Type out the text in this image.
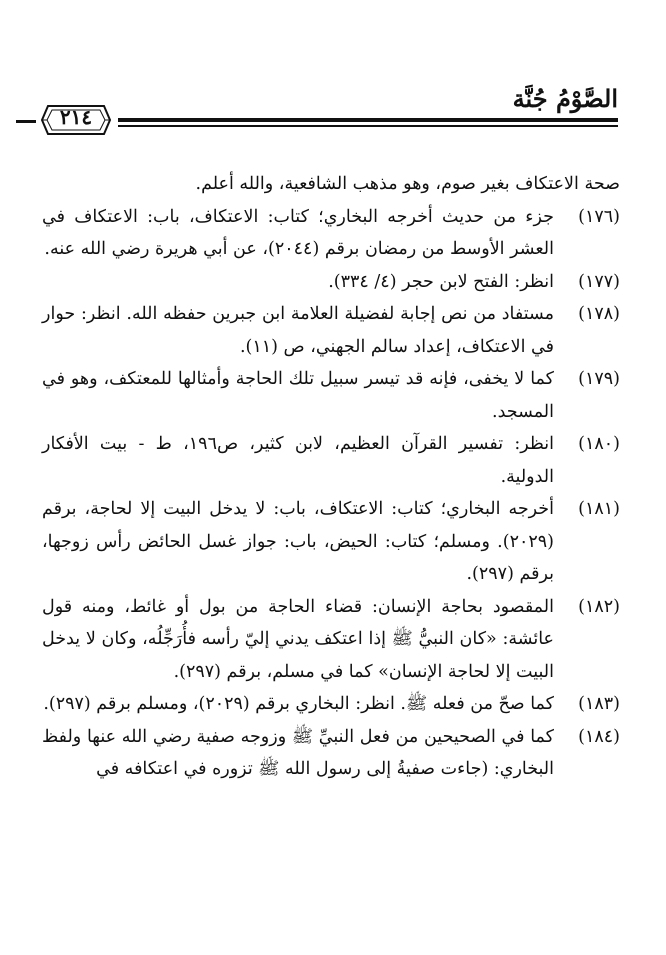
الصَّوْمُ جُنَّة
٢١٤

صحة الاعتكاف بغير صوم، وهو مذهب الشافعية، والله أعلم.

(١٧٦)
جزء من حديث أخرجه البخاري؛ كتاب: الاعتكاف، باب: الاعتكاف في العشر الأوسط من رمضان برقم (٢٠٤٤)، عن أبي هريرة رضي الله عنه.
(١٧٧)
انظر: الفتح لابن حجر (٤/ ٣٣٤).
(١٧٨)
مستفاد من نص إجابة لفضيلة العلامة ابن جبرين حفظه الله. انظر: حوار في الاعتكاف، إعداد سالم الجهني، ص (١١).
(١٧٩)
كما لا يخفى، فإنه قد تيسر سبيل تلك الحاجة وأمثالها للمعتكف، وهو في المسجد.
(١٨٠)
انظر: تفسير القرآن العظيم، لابن كثير، ص١٩٦، ط - بيت الأفكار الدولية.
(١٨١)
أخرجه البخاري؛ كتاب: الاعتكاف، باب: لا يدخل البيت إلا لحاجة، برقم (٢٠٢٩). ومسلم؛ كتاب: الحيض، باب: جواز غسل الحائض رأس زوجها، برقم (٢٩٧).
(١٨٢)
المقصود بحاجة الإنسان: قضاء الحاجة من بول أو غائط، ومنه قول عائشة: «كان النبيُّ ﷺ إذا اعتكف يدني إليّ رأسه فأُرَجِّلُه، وكان لا يدخل البيت إلا لحاجة الإنسان» كما في مسلم، برقم (٢٩٧).
(١٨٣)
كما صحّ من فعله ﷺ. انظر: البخاري برقم (٢٠٢٩)، ومسلم برقم (٢٩٧).
(١٨٤)
كما في الصحيحين من فعل النبيِّ ﷺ وزوجه صفية رضي الله عنها ولفظ البخاري: (جاءت صفيةُ إلى رسول الله ﷺ تزوره في اعتكافه في
